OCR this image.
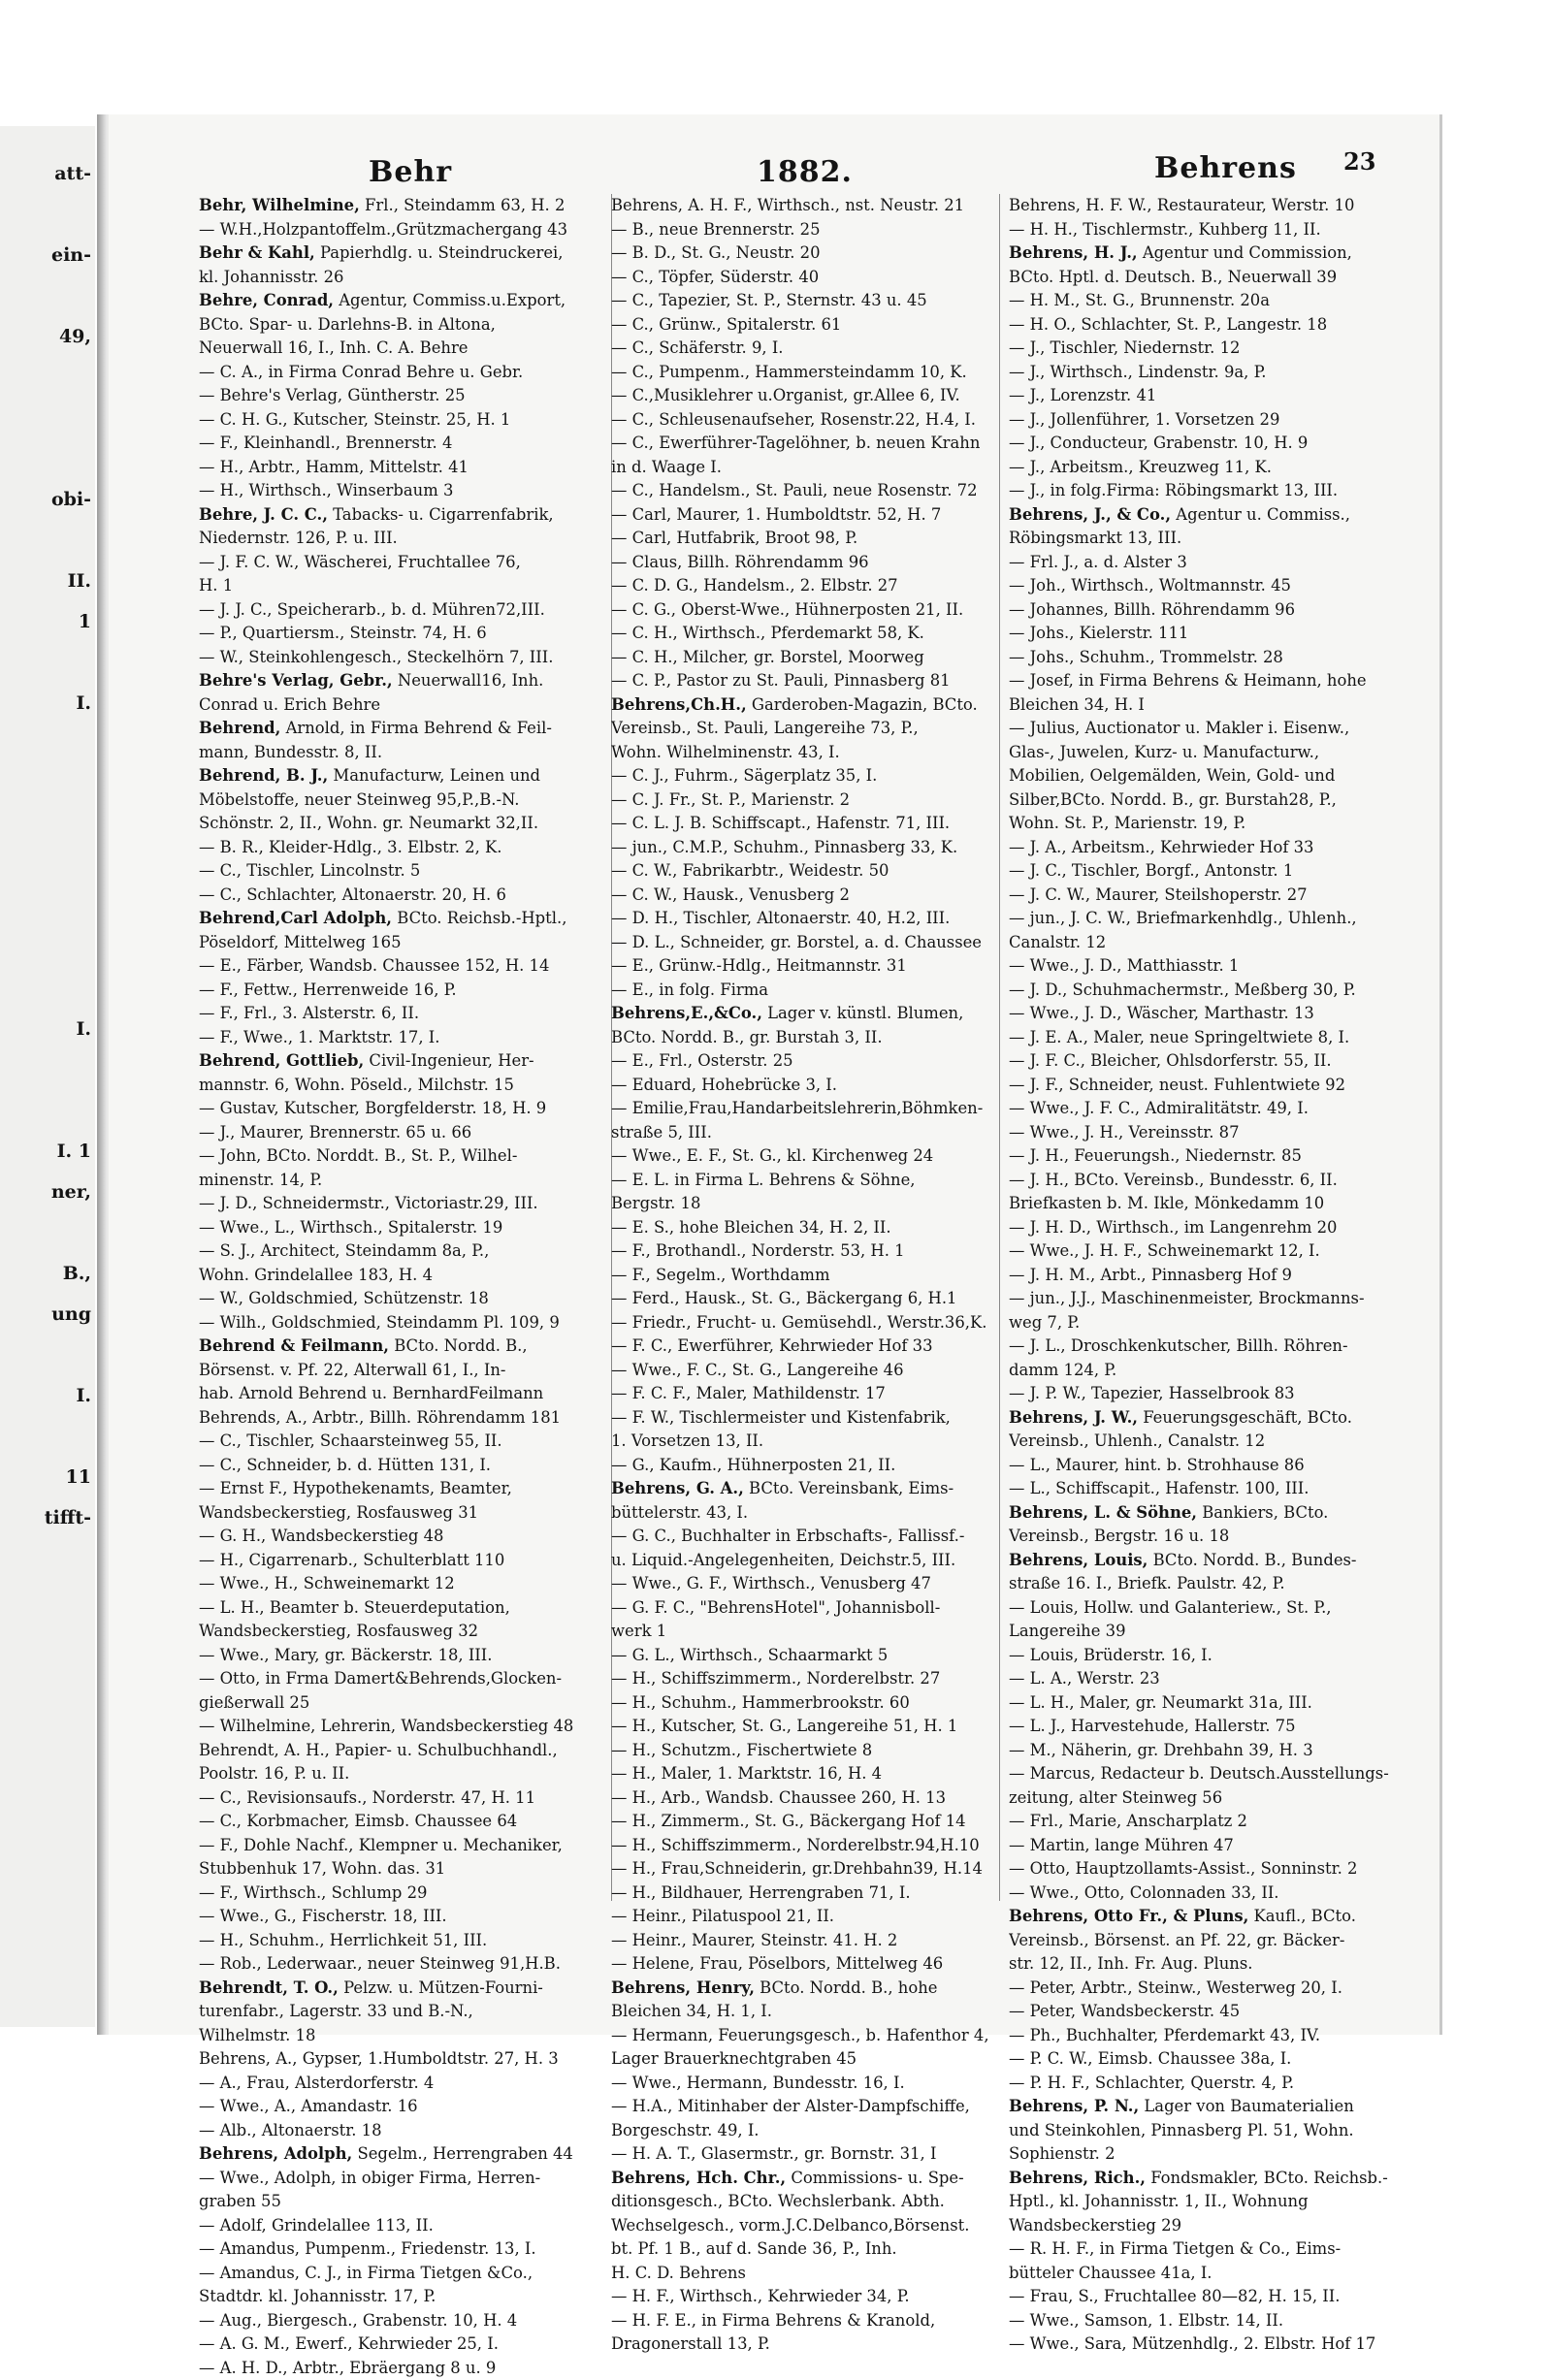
att-
ein-
49,
obi-
II.
1
I.
I.
I. 1
ner,
B.,
ung
I.
11
tifft-
Behr	1882.	Behrens 23
Behr, Wilhelmine, Frl., Steindamm 63, H. 2
— W.H.,Holzpantoffelm.,Grützmachergang 43
Behr & Kahl, Papierhdlg. u. Steindruckerei,
kl. Johannisstr. 26
Behre, Conrad, Agentur, Commiss.u.Export,
BCto. Spar- u. Darlehns-B. in Altona,
Neuerwall 16, I., Inh. C. A. Behre
— C. A., in Firma Conrad Behre u. Gebr.
— Behre's Verlag, Güntherstr. 25
— C. H. G., Kutscher, Steinstr. 25, H. 1
— F., Kleinhandl., Brennerstr. 4
— H., Arbtr., Hamm, Mittelstr. 41
— H., Wirthsch., Winserbaum 3
Behre, J. C. C., Tabacks- u. Cigarrenfabrik,
Niedernstr. 126, P. u. III.
— J. F. C. W., Wäscherei, Fruchtallee 76,
H. 1
— J. J. C., Speicherarb., b. d. Mühren72,III.
— P., Quartiersm., Steinstr. 74, H. 6
— W., Steinkohlengesch., Steckelhörn 7, III.
Behre's Verlag, Gebr., Neuerwall16, Inh.
Conrad u. Erich Behre
Behrend, Arnold, in Firma Behrend & Feil-
mann, Bundesstr. 8, II.
Behrend, B. J., Manufacturw, Leinen und
Möbelstoffe, neuer Steinweg 95,P.,B.-N.
Schönstr. 2, II., Wohn. gr. Neumarkt 32,II.
— B. R., Kleider-Hdlg., 3. Elbstr. 2, K.
— C., Tischler, Lincolnstr. 5
— C., Schlachter, Altonaerstr. 20, H. 6
Behrend,Carl Adolph, BCto. Reichsb.-Hptl.,
Pöseldorf, Mittelweg 165
— E., Färber, Wandsb. Chaussee 152, H. 14
— F., Fettw., Herrenweide 16, P.
— F., Frl., 3. Alsterstr. 6, II.
— F., Wwe., 1. Marktstr. 17, I.
Behrend, Gottlieb, Civil-Ingenieur, Her-
mannstr. 6, Wohn. Pöseld., Milchstr. 15
— Gustav, Kutscher, Borgfelderstr. 18, H. 9
— J., Maurer, Brennerstr. 65 u. 66
— John, BCto. Norddt. B., St. P., Wilhel-
minenstr. 14, P.
— J. D., Schneidermstr., Victoriastr.29, III.
— Wwe., L., Wirthsch., Spitalerstr. 19
— S. J., Architect, Steindamm 8a, P.,
Wohn. Grindelallee 183, H. 4
— W., Goldschmied, Schützenstr. 18
— Wilh., Goldschmied, Steindamm Pl. 109, 9
Behrend & Feilmann, BCto. Nordd. B.,
Börsenst. v. Pf. 22, Alterwall 61, I., In-
hab. Arnold Behrend u. BernhardFeilmann
Behrends, A., Arbtr., Billh. Röhrendamm 181
— C., Tischler, Schaarsteinweg 55, II.
— C., Schneider, b. d. Hütten 131, I.
— Ernst F., Hypothekenamts, Beamter,
Wandsbeckerstieg, Rosfausweg 31
— G. H., Wandsbeckerstieg 48
— H., Cigarrenarb., Schulterblatt 110
— Wwe., H., Schweinemarkt 12
— L. H., Beamter b. Steuerdeputation,
Wandsbeckerstieg, Rosfausweg 32
— Wwe., Mary, gr. Bäckerstr. 18, III.
— Otto, in Frma Damert&Behrends,Glocken-
gießerwall 25
— Wilhelmine, Lehrerin, Wandsbeckerstieg 48
Behrendt, A. H., Papier- u. Schulbuchhandl.,
Poolstr. 16, P. u. II.
— C., Revisionsaufs., Norderstr. 47, H. 11
— C., Korbmacher, Eimsb. Chaussee 64
— F., Dohle Nachf., Klempner u. Mechaniker,
Stubbenhuk 17, Wohn. das. 31
— F., Wirthsch., Schlump 29
— Wwe., G., Fischerstr. 18, III.
— H., Schuhm., Herrlichkeit 51, III.
— Rob., Lederwaar., neuer Steinweg 91,H.B.
Behrendt, T. O., Pelzw. u. Mützen-Fourni-
turenfabr., Lagerstr. 33 und B.-N.,
Wilhelmstr. 18
Behrens, A., Gypser, 1.Humboldtstr. 27, H. 3
— A., Frau, Alsterdorferstr. 4
— Wwe., A., Amandastr. 16
— Alb., Altonaerstr. 18
Behrens, Adolph, Segelm., Herrengraben 44
— Wwe., Adolph, in obiger Firma, Herren-
graben 55
— Adolf, Grindelallee 113, II.
— Amandus, Pumpenm., Friedenstr. 13, I.
— Amandus, C. J., in Firma Tietgen &Co.,
Stadtdr. kl. Johannisstr. 17, P.
— Aug., Biergesch., Grabenstr. 10, H. 4
— A. G. M., Ewerf., Kehrwieder 25, I.
— A. H. D., Arbtr., Ebräergang 8 u. 9
Behrens, A. H. F., Wirthsch., nst. Neustr. 21
— B., neue Brennerstr. 25
— B. D., St. G., Neustr. 20
— C., Töpfer, Süderstr. 40
— C., Tapezier, St. P., Sternstr. 43 u. 45
— C., Grünw., Spitalerstr. 61
— C., Schäferstr. 9, I.
— C., Pumpenm., Hammersteindamm 10, K.
— C.,Musiklehrer u.Organist, gr.Allee 6, IV.
— C., Schleusenaufseher, Rosenstr.22, H.4, I.
— C., Ewerführer-Tagelöhner, b. neuen Krahn
in d. Waage I.
— C., Handelsm., St. Pauli, neue Rosenstr. 72
— Carl, Maurer, 1. Humboldtstr. 52, H. 7
— Carl, Hutfabrik, Broot 98, P.
— Claus, Billh. Röhrendamm 96
— C. D. G., Handelsm., 2. Elbstr. 27
— C. G., Oberst-Wwe., Hühnerposten 21, II.
— C. H., Wirthsch., Pferdemarkt 58, K.
— C. H., Milcher, gr. Borstel, Moorweg
— C. P., Pastor zu St. Pauli, Pinnasberg 81
Behrens,Ch.H., Garderoben-Magazin, BCto.
Vereinsb., St. Pauli, Langereihe 73, P.,
Wohn. Wilhelminenstr. 43, I.
— C. J., Fuhrm., Sägerplatz 35, I.
— C. J. Fr., St. P., Marienstr. 2
— C. L. J. B. Schiffscapt., Hafenstr. 71, III.
— jun., C.M.P., Schuhm., Pinnasberg 33, K.
— C. W., Fabrikarbtr., Weidestr. 50
— C. W., Hausk., Venusberg 2
— D. H., Tischler, Altonaerstr. 40, H.2, III.
— D. L., Schneider, gr. Borstel, a. d. Chaussee
— E., Grünw.-Hdlg., Heitmannstr. 31
— E., in folg. Firma
Behrens,E.,&Co., Lager v. künstl. Blumen,
BCto. Nordd. B., gr. Burstah 3, II.
— E., Frl., Osterstr. 25
— Eduard, Hohebrücke 3, I.
— Emilie,Frau,Handarbeitslehrerin,Böhmken-
straße 5, III.
— Wwe., E. F., St. G., kl. Kirchenweg 24
— E. L. in Firma L. Behrens & Söhne,
Bergstr. 18
— E. S., hohe Bleichen 34, H. 2, II.
— F., Brothandl., Norderstr. 53, H. 1
— F., Segelm., Worthdamm
— Ferd., Hausk., St. G., Bäckergang 6, H.1
— Friedr., Frucht- u. Gemüsehdl., Werstr.36,K.
— F. C., Ewerführer, Kehrwieder Hof 33
— Wwe., F. C., St. G., Langereihe 46
— F. C. F., Maler, Mathildenstr. 17
— F. W., Tischlermeister und Kistenfabrik,
1. Vorsetzen 13, II.
— G., Kaufm., Hühnerposten 21, II.
Behrens, G. A., BCto. Vereinsbank, Eims-
büttelerstr. 43, I.
— G. C., Buchhalter in Erbschafts-, Fallissf.-
u. Liquid.-Angelegenheiten, Deichstr.5, III.
— Wwe., G. F., Wirthsch., Venusberg 47
— G. F. C., "BehrensHotel", Johannisboll-
werk 1
— G. L., Wirthsch., Schaarmarkt 5
— H., Schiffszimmerm., Norderelbstr. 27
— H., Schuhm., Hammerbrookstr. 60
— H., Kutscher, St. G., Langereihe 51, H. 1
— H., Schutzm., Fischertwiete 8
— H., Maler, 1. Marktstr. 16, H. 4
— H., Arb., Wandsb. Chaussee 260, H. 13
— H., Zimmerm., St. G., Bäckergang Hof 14
— H., Schiffszimmerm., Norderelbstr.94,H.10
— H., Frau,Schneiderin, gr.Drehbahn39, H.14
— H., Bildhauer, Herrengraben 71, I.
— Heinr., Pilatuspool 21, II.
— Heinr., Maurer, Steinstr. 41. H. 2
— Helene, Frau, Pöselbors, Mittelweg 46
Behrens, Henry, BCto. Nordd. B., hohe
Bleichen 34, H. 1, I.
— Hermann, Feuerungsgesch., b. Hafenthor 4,
Lager Brauerknechtgraben 45
— Wwe., Hermann, Bundesstr. 16, I.
— H.A., Mitinhaber der Alster-Dampfschiffe,
Borgeschstr. 49, I.
— H. A. T., Glasermstr., gr. Bornstr. 31, I
Behrens, Hch. Chr., Commissions- u. Spe-
ditionsgesch., BCto. Wechslerbank. Abth.
Wechselgesch., vorm.J.C.Delbanco,Börsenst.
bt. Pf. 1 B., auf d. Sande 36, P., Inh.
H. C. D. Behrens
— H. F., Wirthsch., Kehrwieder 34, P.
— H. F. E., in Firma Behrens & Kranold,
Dragonerstall 13, P.
Behrens, H. F. W., Restaurateur, Werstr. 10
— H. H., Tischlermstr., Kuhberg 11, II.
Behrens, H. J., Agentur und Commission,
BCto. Hptl. d. Deutsch. B., Neuerwall 39
— H. M., St. G., Brunnenstr. 20a
— H. O., Schlachter, St. P., Langestr. 18
— J., Tischler, Niedernstr. 12
— J., Wirthsch., Lindenstr. 9a, P.
— J., Lorenzstr. 41
— J., Jollenführer, 1. Vorsetzen 29
— J., Conducteur, Grabenstr. 10, H. 9
— J., Arbeitsm., Kreuzweg 11, K.
— J., in folg.Firma: Röbingsmarkt 13, III.
Behrens, J., & Co., Agentur u. Commiss.,
Röbingsmarkt 13, III.
— Frl. J., a. d. Alster 3
— Joh., Wirthsch., Woltmannstr. 45
— Johannes, Billh. Röhrendamm 96
— Johs., Kielerstr. 111
— Johs., Schuhm., Trommelstr. 28
— Josef, in Firma Behrens & Heimann, hohe
Bleichen 34, H. I
— Julius, Auctionator u. Makler i. Eisenw.,
Glas-, Juwelen, Kurz- u. Manufacturw.,
Mobilien, Oelgemälden, Wein, Gold- und
Silber,BCto. Nordd. B., gr. Burstah28, P.,
Wohn. St. P., Marienstr. 19, P.
— J. A., Arbeitsm., Kehrwieder Hof 33
— J. C., Tischler, Borgf., Antonstr. 1
— J. C. W., Maurer, Steilshoperstr. 27
— jun., J. C. W., Briefmarkenhdlg., Uhlenh.,
Canalstr. 12
— Wwe., J. D., Matthiasstr. 1
— J. D., Schuhmachermstr., Meßberg 30, P.
— Wwe., J. D., Wäscher, Marthastr. 13
— J. E. A., Maler, neue Springeltwiete 8, I.
— J. F. C., Bleicher, Ohlsdorferstr. 55, II.
— J. F., Schneider, neust. Fuhlentwiete 92
— Wwe., J. F. C., Admiralitätstr. 49, I.
— Wwe., J. H., Vereinsstr. 87
— J. H., Feuerungsh., Niedernstr. 85
— J. H., BCto. Vereinsb., Bundesstr. 6, II.
Briefkasten b. M. Ikle, Mönkedamm 10
— J. H. D., Wirthsch., im Langenrehm 20
— Wwe., J. H. F., Schweinemarkt 12, I.
— J. H. M., Arbt., Pinnasberg Hof 9
— jun., J.J., Maschinenmeister, Brockmanns-
weg 7, P.
— J. L., Droschkenkutscher, Billh. Röhren-
damm 124, P.
— J. P. W., Tapezier, Hasselbrook 83
Behrens, J. W., Feuerungsgeschäft, BCto.
Vereinsb., Uhlenh., Canalstr. 12
— L., Maurer, hint. b. Strohhause 86
— L., Schiffscapit., Hafenstr. 100, III.
Behrens, L. & Söhne, Bankiers, BCto.
Vereinsb., Bergstr. 16 u. 18
Behrens, Louis, BCto. Nordd. B., Bundes-
straße 16. I., Briefk. Paulstr. 42, P.
— Louis, Hollw. und Galanteriew., St. P.,
Langereihe 39
— Louis, Brüderstr. 16, I.
— L. A., Werstr. 23
— L. H., Maler, gr. Neumarkt 31a, III.
— L. J., Harvestehude, Hallerstr. 75
— M., Näherin, gr. Drehbahn 39, H. 3
— Marcus, Redacteur b. Deutsch.Ausstellungs-
zeitung, alter Steinweg 56
— Frl., Marie, Anscharplatz 2
— Martin, lange Mühren 47
— Otto, Hauptzollamts-Assist., Sonninstr. 2
— Wwe., Otto, Colonnaden 33, II.
Behrens, Otto Fr., & Pluns, Kaufl., BCto.
Vereinsb., Börsenst. an Pf. 22, gr. Bäcker-
str. 12, II., Inh. Fr. Aug. Pluns.
— Peter, Arbtr., Steinw., Westerweg 20, I.
— Peter, Wandsbeckerstr. 45
— Ph., Buchhalter, Pferdemarkt 43, IV.
— P. C. W., Eimsb. Chaussee 38a, I.
— P. H. F., Schlachter, Querstr. 4, P.
Behrens, P. N., Lager von Baumaterialien
und Steinkohlen, Pinnasberg Pl. 51, Wohn.
Sophienstr. 2
Behrens, Rich., Fondsmakler, BCto. Reichsb.-
Hptl., kl. Johannisstr. 1, II., Wohnung
Wandsbeckerstieg 29
— R. H. F., in Firma Tietgen & Co., Eims-
bütteler Chaussee 41a, I.
— Frau, S., Fruchtallee 80—82, H. 15, II.
— Wwe., Samson, 1. Elbstr. 14, II.
— Wwe., Sara, Mützenhdlg., 2. Elbstr. Hof 17
